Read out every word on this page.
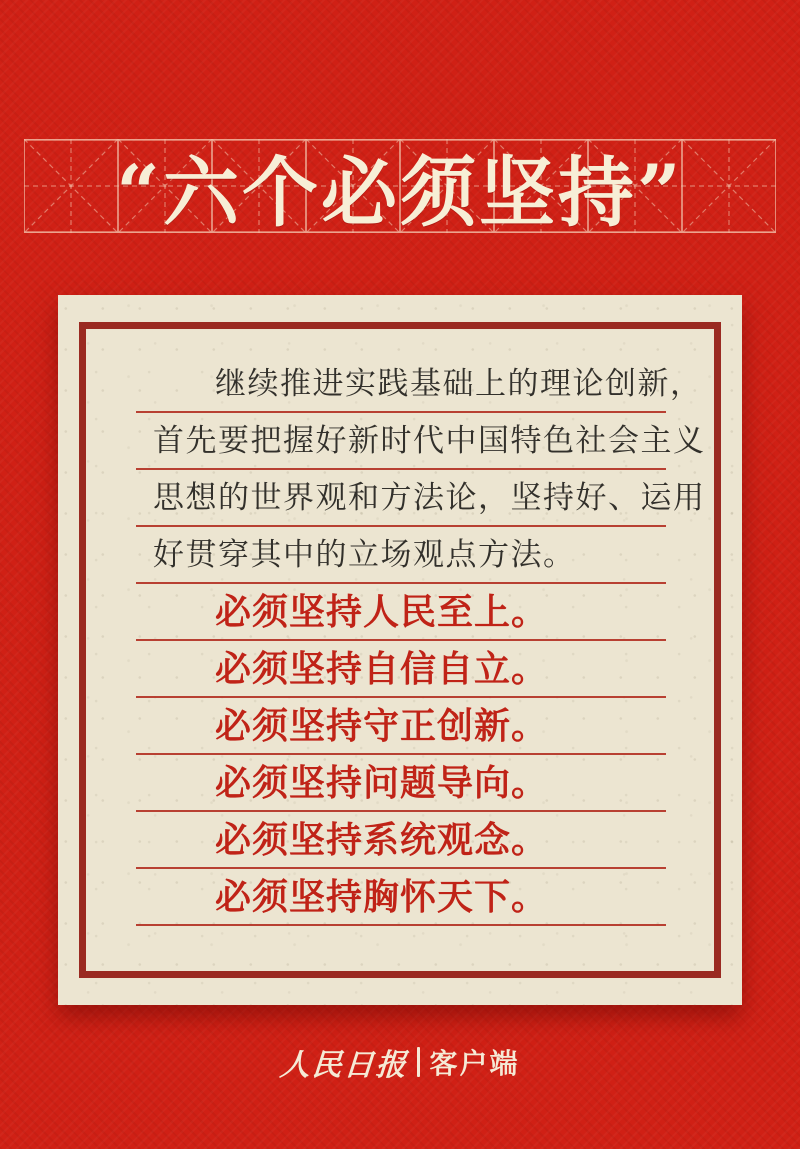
“六个必须坚持”
继续推进实践基础上的理论创新，
首先要把握好新时代中国特色社会主义
思想的世界观和方法论，坚持好、运用
好贯穿其中的立场观点方法。
必须坚持人民至上。
必须坚持自信自立。
必须坚持守正创新。
必须坚持问题导向。
必须坚持系统观念。
必须坚持胸怀天下。
人民日报 客户端
